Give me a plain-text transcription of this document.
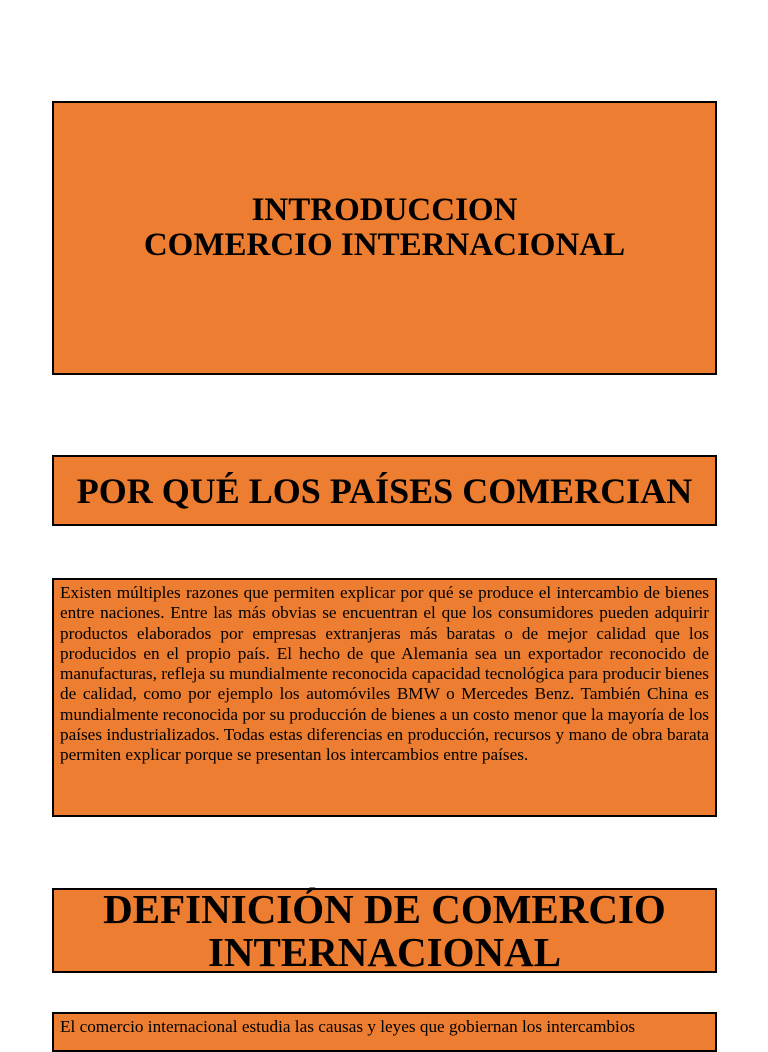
INTRODUCCION
COMERCIO INTERNACIONAL
POR QUÉ LOS PAÍSES COMERCIAN

Existen múltiples razones que permiten explicar por qué se produce el intercambio de bienes entre naciones. Entre las más obvias se encuentran el que los consumidores pueden adquirir productos elaborados por empresas extranjeras más baratas o de mejor calidad que los producidos en el propio país. El hecho de que Alemania sea un exportador reconocido de manufacturas, refleja su mundialmente reconocida capacidad tecnológica para producir bienes de calidad, como por ejemplo los automóviles BMW o Mercedes Benz. También China es mundialmente reconocida por su producción de bienes a un costo menor que la mayoría de los países industrializados. Todas estas diferencias en producción, recursos y mano de obra barata permiten explicar porque se presentan los intercambios entre países.

DEFINICIÓN DE COMERCIO
INTERNACIONAL

El comercio internacional estudia las causas y leyes que gobiernan los intercambios
